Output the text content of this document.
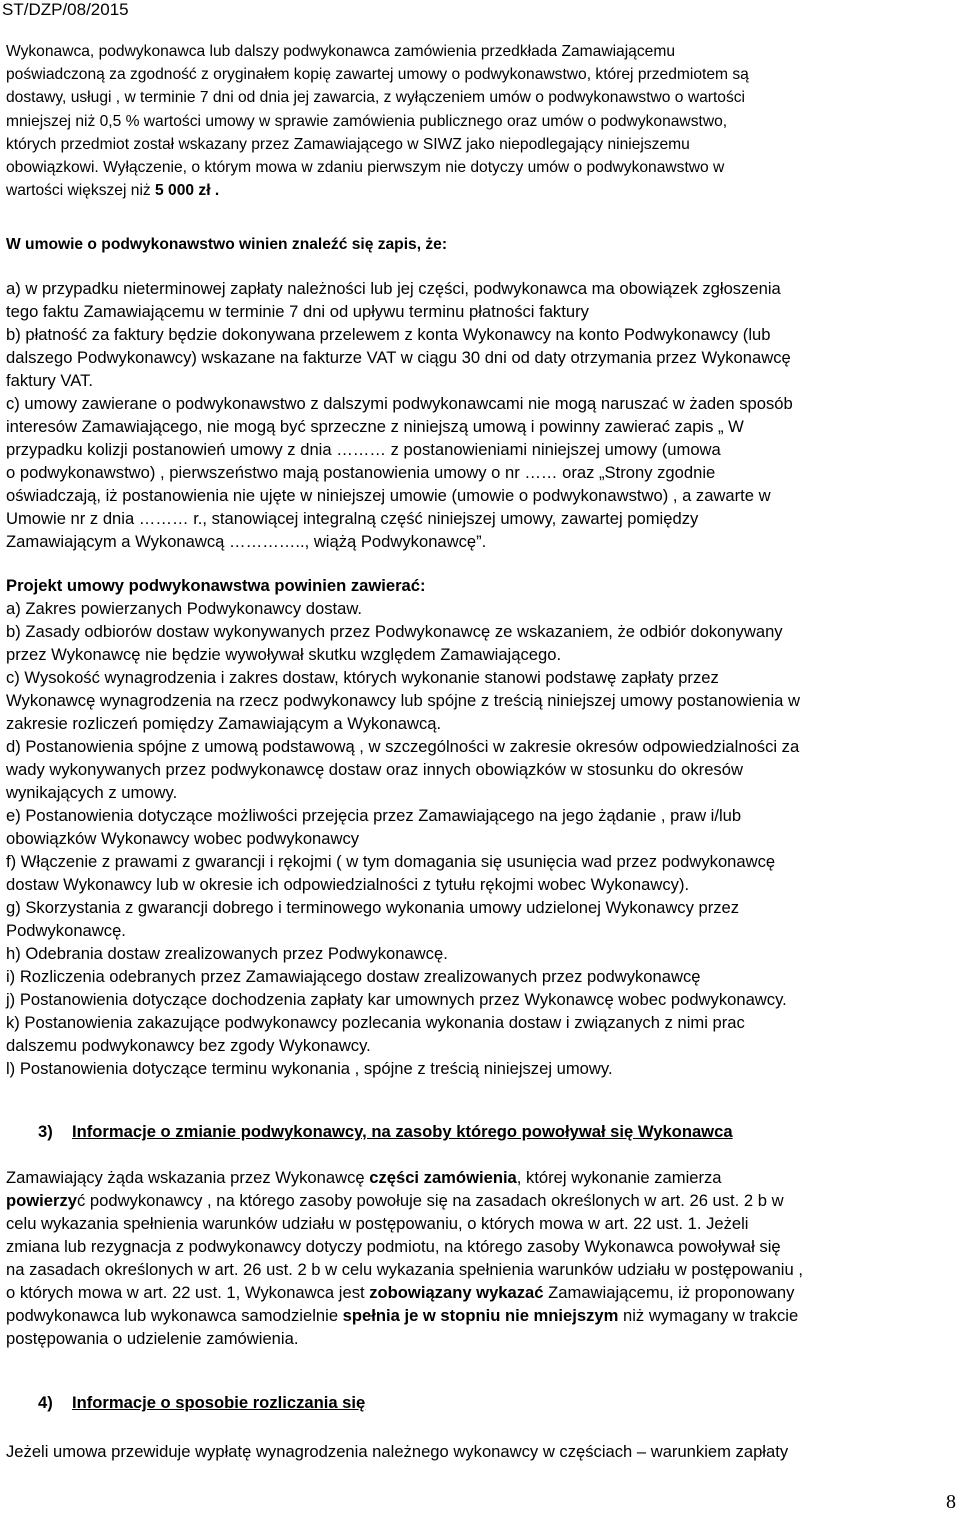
ST/DZP/08/2015
Wykonawca, podwykonawca lub dalszy podwykonawca zamówienia przedkłada Zamawiającemu
poświadczoną za zgodność z oryginałem kopię zawartej umowy o podwykonawstwo, której przedmiotem są
dostawy, usługi , w terminie 7 dni od dnia jej zawarcia, z wyłączeniem umów o podwykonawstwo o wartości
mniejszej niż 0,5 % wartości umowy w sprawie zamówienia publicznego oraz umów o podwykonawstwo,
których przedmiot został wskazany przez Zamawiającego w SIWZ jako niepodlegający niniejszemu
obowiązkowi. Wyłączenie, o którym mowa w zdaniu pierwszym nie dotyczy umów o podwykonawstwo w
wartości większej niż 5 000 zł .
W umowie o podwykonawstwo winien znaleźć się zapis, że:
a) w przypadku nieterminowej zapłaty należności lub jej części, podwykonawca ma obowiązek zgłoszenia
tego faktu Zamawiającemu w terminie 7 dni od upływu terminu płatności faktury
b) płatność za faktury będzie dokonywana przelewem z konta Wykonawcy na konto Podwykonawcy (lub
dalszego Podwykonawcy) wskazane na fakturze VAT w ciągu 30 dni od daty otrzymania przez Wykonawcę
faktury VAT.
c) umowy zawierane o podwykonawstwo z dalszymi podwykonawcami nie mogą naruszać w żaden sposób
interesów Zamawiającego, nie mogą być sprzeczne z niniejszą umową i powinny zawierać zapis „ W
przypadku kolizji postanowień umowy z dnia ……… z postanowieniami niniejszej umowy (umowa
o podwykonawstwo) , pierwszeństwo mają postanowienia umowy o nr …… oraz „Strony zgodnie
oświadczają, iż postanowienia nie ujęte w niniejszej umowie (umowie o podwykonawstwo) , a zawarte w
Umowie nr z dnia ……… r., stanowiącej integralną część niniejszej umowy, zawartej pomiędzy
Zamawiającym a Wykonawcą ………….., wiążą Podwykonawcę”.
Projekt umowy podwykonawstwa powinien zawierać:
a) Zakres powierzanych Podwykonawcy dostaw.
b) Zasady odbiorów dostaw wykonywanych przez Podwykonawcę ze wskazaniem, że odbiór dokonywany
przez Wykonawcę nie będzie wywoływał skutku względem Zamawiającego.
c) Wysokość wynagrodzenia i zakres dostaw, których wykonanie stanowi podstawę zapłaty przez
Wykonawcę wynagrodzenia na rzecz podwykonawcy lub spójne z treścią niniejszej umowy postanowienia w
zakresie rozliczeń pomiędzy Zamawiającym a Wykonawcą.
d) Postanowienia spójne z umową podstawową , w szczególności w zakresie okresów odpowiedzialności za
wady wykonywanych przez podwykonawcę dostaw oraz innych obowiązków w stosunku do okresów
wynikających z umowy.
e) Postanowienia dotyczące możliwości przejęcia przez Zamawiającego na jego żądanie , praw i/lub
obowiązków Wykonawcy wobec podwykonawcy
f) Włączenie z prawami z gwarancji i rękojmi ( w tym domagania się usunięcia wad przez podwykonawcę
dostaw Wykonawcy lub w okresie ich odpowiedzialności z tytułu rękojmi wobec Wykonawcy).
g) Skorzystania z gwarancji dobrego i terminowego wykonania umowy udzielonej Wykonawcy przez
Podwykonawcę.
h) Odebrania dostaw zrealizowanych przez Podwykonawcę.
i) Rozliczenia odebranych przez Zamawiającego dostaw zrealizowanych przez podwykonawcę
j) Postanowienia dotyczące dochodzenia zapłaty kar umownych przez Wykonawcę wobec podwykonawcy.
k) Postanowienia zakazujące podwykonawcy pozlecania wykonania dostaw i związanych z nimi prac
dalszemu podwykonawcy bez zgody Wykonawcy.
l) Postanowienia dotyczące terminu wykonania , spójne z treścią niniejszej umowy.
3) Informacje o zmianie podwykonawcy, na zasoby którego powoływał się Wykonawca
Zamawiający żąda wskazania przez Wykonawcę części zamówienia, której wykonanie zamierza
powierzyć podwykonawcy , na którego zasoby powołuje się na zasadach określonych w art. 26 ust. 2 b w
celu wykazania spełnienia warunków udziału w postępowaniu, o których mowa w art. 22 ust. 1. Jeżeli
zmiana lub rezygnacja z podwykonawcy dotyczy podmiotu, na którego zasoby Wykonawca powoływał się
na zasadach określonych w art. 26 ust. 2 b w celu wykazania spełnienia warunków udziału w postępowaniu ,
o których mowa w art. 22 ust. 1, Wykonawca jest zobowiązany wykazać Zamawiającemu, iż proponowany
podwykonawca lub wykonawca samodzielnie spełnia je w stopniu nie mniejszym niż wymagany w trakcie
postępowania o udzielenie zamówienia.
4) Informacje o sposobie rozliczania się
Jeżeli umowa przewiduje wypłatę wynagrodzenia należnego wykonawcy w częściach – warunkiem zapłaty
8
